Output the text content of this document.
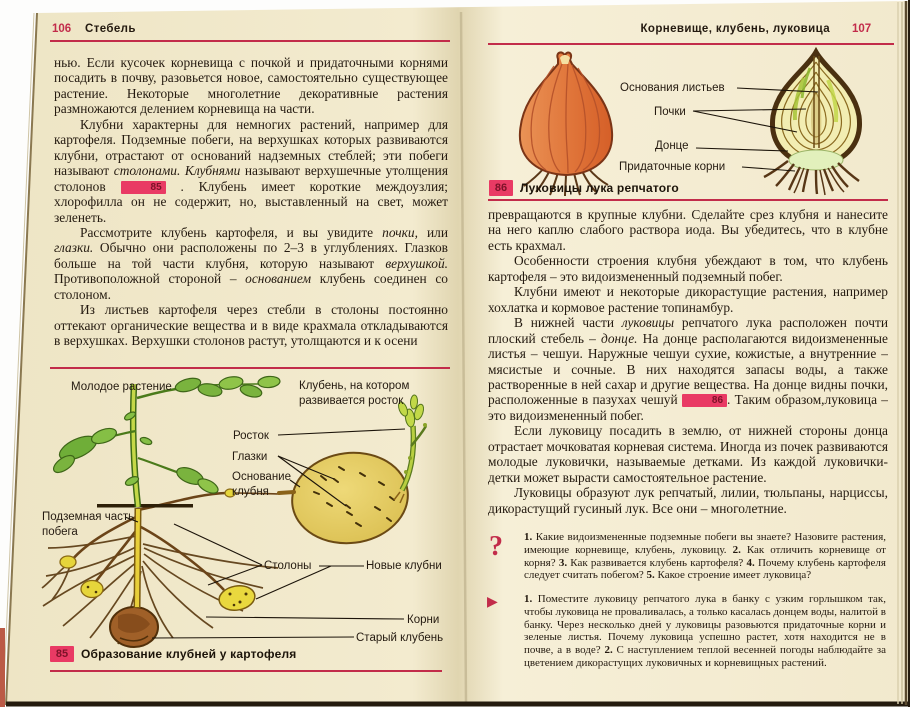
106 Стебель

нью. Если кусочек корневища с почкой и придаточными корнями посадить в почву, разовьется новое, самостоятельно существующее растение. Некоторые многолетние декоративные растения размножаются делением корневища на части.

Клубни характерны для немногих растений, например для картофеля. Подземные побеги, на верхушках которых развиваются клубни, отрастают от оснований надземных стеблей; эти побеги называют столонами. Клубнями называют верхушечные утолщения столонов	85 . Клубень имеет короткие междоузлия; хлорофилла он не содержит, но, выставленный на свет, может зеленеть.

Рассмотрите клубень картофеля, и вы увидите почки, или глазки. Обычно они расположены по 2–3 в углублениях. Глазков больше на той части клубня, которую называют верхушкой. Противоположной стороной – основанием клубень соединен со столоном.

Из листьев картофеля через стебли в столоны постоянно оттекают органические вещества и в виде крахмала откладываются в верхушках. Верхушки столонов растут, утолщаются и к осени

Молодое растение	Клубень, на котором развивается росток
Росток
Глазки
Основание клубня
Подземная часть побега
Столоны	Новые клубни
Корни
Старый клубень
85	Образование клубней у картофеля
Корневище, клубень, луковица 107
Основания листьев
Почки
Донце
Придаточные корни
86	Луковицы лука репчатого

превращаются в крупные клубни. Сделайте срез клубня и нанесите на него каплю слабого раствора иода. Вы убедитесь, что в клубне есть крахмал.

Особенности строения клубня убеждают в том, что клубень картофеля – это видоизмененный подземный побег.

Клубни имеют и некоторые дикорастущие растения, например хохлатка и кормовое растение топинамбур.

В нижней части луковицы репчатого лука расположен почти плоский стебель – донце. На донце располагаются видоизмененные листья – чешуи. Наружные чешуи сухие, кожистые, а внутренние – мясистые и сочные. В них находятся запасы воды, а также растворенные в ней сахар и другие вещества. На донце видны почки, расположенные в пазухах чешуй	86 . Таким образом,луковица – это видоизмененный побег.

Если луковицу посадить в землю, от нижней стороны донца отрастает мочковатая корневая система. Иногда из почек развиваются молодые луковички, называемые детками. Из каждой луковички-детки может вырасти самостоятельное растение.

Луковицы образуют лук репчатый, лилии, тюльпаны, нарциссы, дикорастущий гусиный лук. Все они – многолетние.

? 1. Какие видоизмененные подземные побеги вы знаете? Назовите растения, имеющие корневище, клубень, луковицу. 2. Как отличить корневище от корня? 3. Как развивается клубень картофеля? 4. Почему клубень картофеля следует считать побегом? 5. Какое строение имеет луковица?
▶ 1. Поместите луковицу репчатого лука в банку с узким горлышком так, чтобы луковица не проваливалась, а только касалась донцем воды, налитой в банку. Через несколько дней у луковицы разовьются придаточные корни и зеленые листья. Почему луковица успешно растет, хотя находится не в почве, а в воде? 2. С наступлением теплой весенней погоды наблюдайте за цветением дикорастущих луковичных и корневищных растений.
